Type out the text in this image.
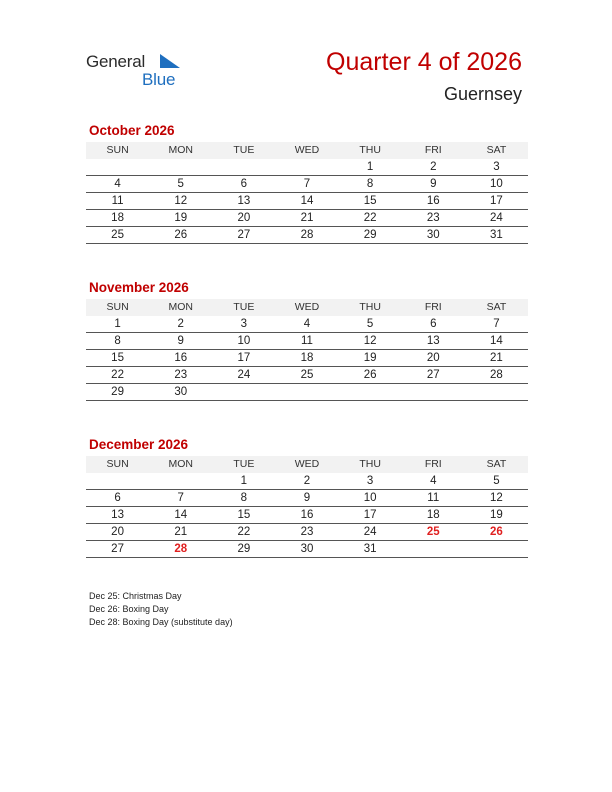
General
Blue
Quarter 4 of 2026
Guernsey
October 2026
SUN	MON	TUE	WED	THU	FRI	SAT
				1	2	3
4	5	6	7	8	9	10
11	12	13	14	15	16	17
18	19	20	21	22	23	24
25	26	27	28	29	30	31
November 2026
SUN	MON	TUE	WED	THU	FRI	SAT
1	2	3	4	5	6	7
8	9	10	11	12	13	14
15	16	17	18	19	20	21
22	23	24	25	26	27	28
29	30					
December 2026
SUN	MON	TUE	WED	THU	FRI	SAT
		1	2	3	4	5
6	7	8	9	10	11	12
13	14	15	16	17	18	19
20	21	22	23	24	25	26
27	28	29	30	31		
Dec 25: Christmas Day
Dec 26: Boxing Day
Dec 28: Boxing Day (substitute day)
